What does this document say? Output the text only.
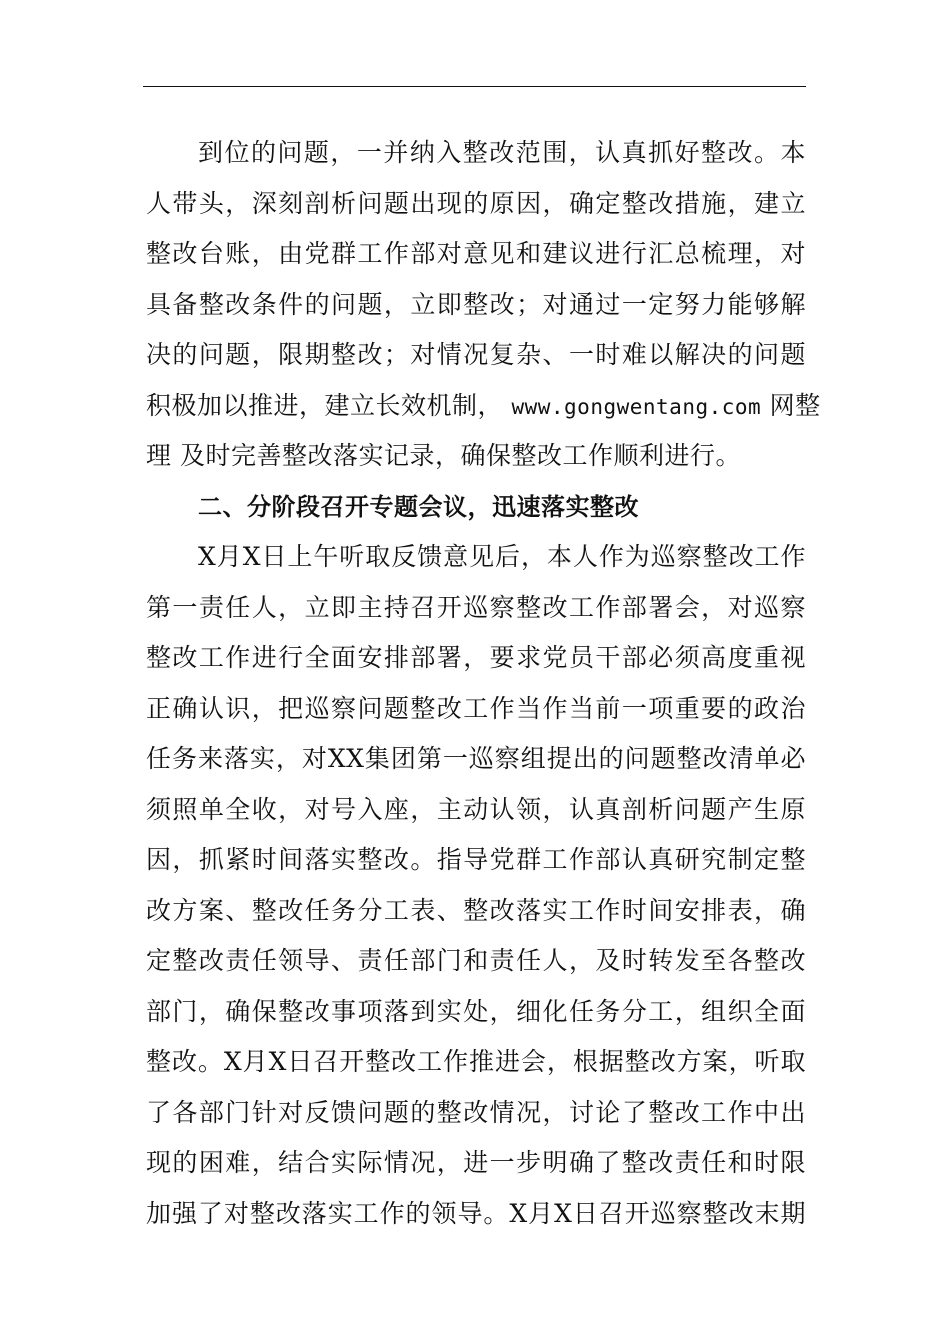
到位的问题，一并纳入整改范围，认真抓好整改。本
人带头，深刻剖析问题出现的原因，确定整改措施，建立
整改台账，由党群工作部对意见和建议进行汇总梳理，对
具备整改条件的问题，立即整改；对通过一定努力能够解
决的问题，限期整改；对情况复杂、一时难以解决的问题
积极加以推进，建立长效机制， www.gongwentang.com 网整
理 及时完善整改落实记录，确保整改工作顺利进行。
二、分阶段召开专题会议，迅速落实整改
X月X日上午听取反馈意见后，本人作为巡察整改工作
第一责任人，立即主持召开巡察整改工作部署会，对巡察
整改工作进行全面安排部署，要求党员干部必须高度重视
正确认识，把巡察问题整改工作当作当前一项重要的政治
任务来落实，对XX集团第一巡察组提出的问题整改清单必
须照单全收，对号入座，主动认领，认真剖析问题产生原
因，抓紧时间落实整改。指导党群工作部认真研究制定整
改方案、整改任务分工表、整改落实工作时间安排表，确
定整改责任领导、责任部门和责任人，及时转发至各整改
部门，确保整改事项落到实处，细化任务分工，组织全面
整改。X月X日召开整改工作推进会，根据整改方案，听取
了各部门针对反馈问题的整改情况，讨论了整改工作中出
现的困难，结合实际情况，进一步明确了整改责任和时限
加强了对整改落实工作的领导。X月X日召开巡察整改末期
